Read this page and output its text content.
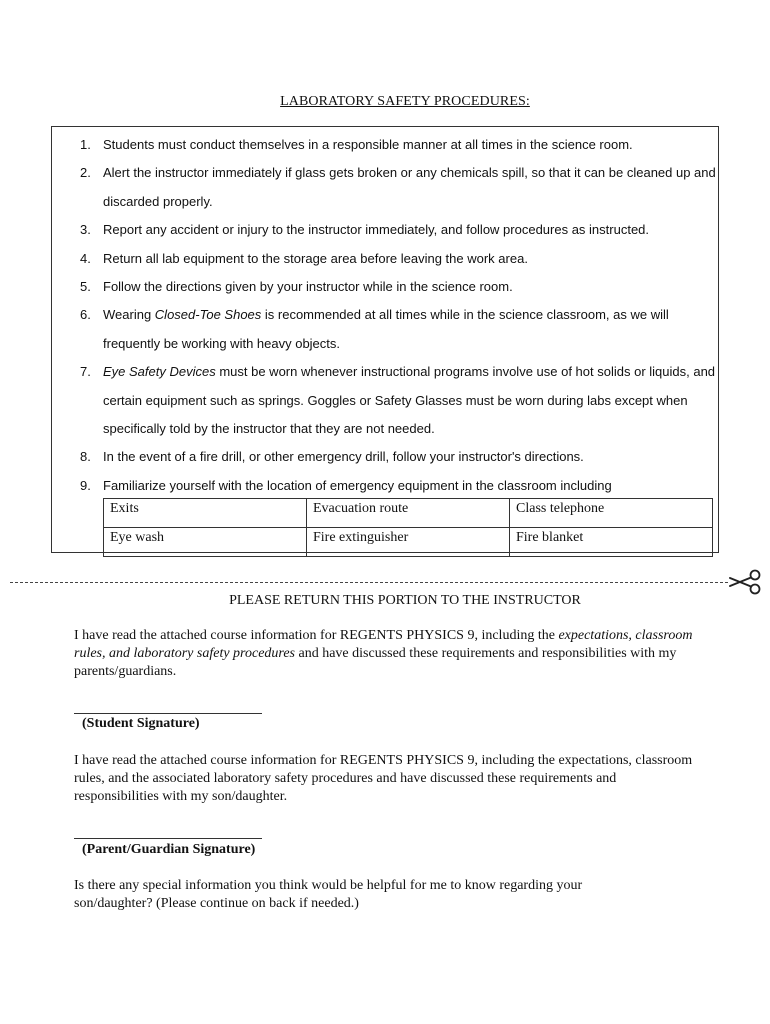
LABORATORY SAFETY PROCEDURES:
1. Students must conduct themselves in a responsible manner at all times in the science room.
2. Alert the instructor immediately if glass gets broken or any chemicals spill, so that it can be cleaned up and discarded properly.
3. Report any accident or injury to the instructor immediately, and follow procedures as instructed.
4. Return all lab equipment to the storage area before leaving the work area.
5. Follow the directions given by your instructor while in the science room.
6. Wearing Closed-Toe Shoes is recommended at all times while in the science classroom, as we will frequently be working with heavy objects.
7. Eye Safety Devices must be worn whenever instructional programs involve use of hot solids or liquids, and certain equipment such as springs. Goggles or Safety Glasses must be worn during labs except when specifically told by the instructor that they are not needed.
8. In the event of a fire drill, or other emergency drill, follow your instructor's directions.
9. Familiarize yourself with the location of emergency equipment in the classroom including
Exits	Evacuation route	Class telephone
Eye wash	Fire extinguisher	Fire blanket
PLEASE RETURN THIS PORTION TO THE INSTRUCTOR

I have read the attached course information for REGENTS PHYSICS 9, including the expectations, classroom rules, and laboratory safety procedures and have discussed these requirements and responsibilities with my parents/guardians.

(Student Signature)

I have read the attached course information for REGENTS PHYSICS 9, including the expectations, classroom rules, and the associated laboratory safety procedures and have discussed these requirements and responsibilities with my son/daughter.

(Parent/Guardian Signature)

Is there any special information you think would be helpful for me to know regarding your son/daughter? (Please continue on back if needed.)
